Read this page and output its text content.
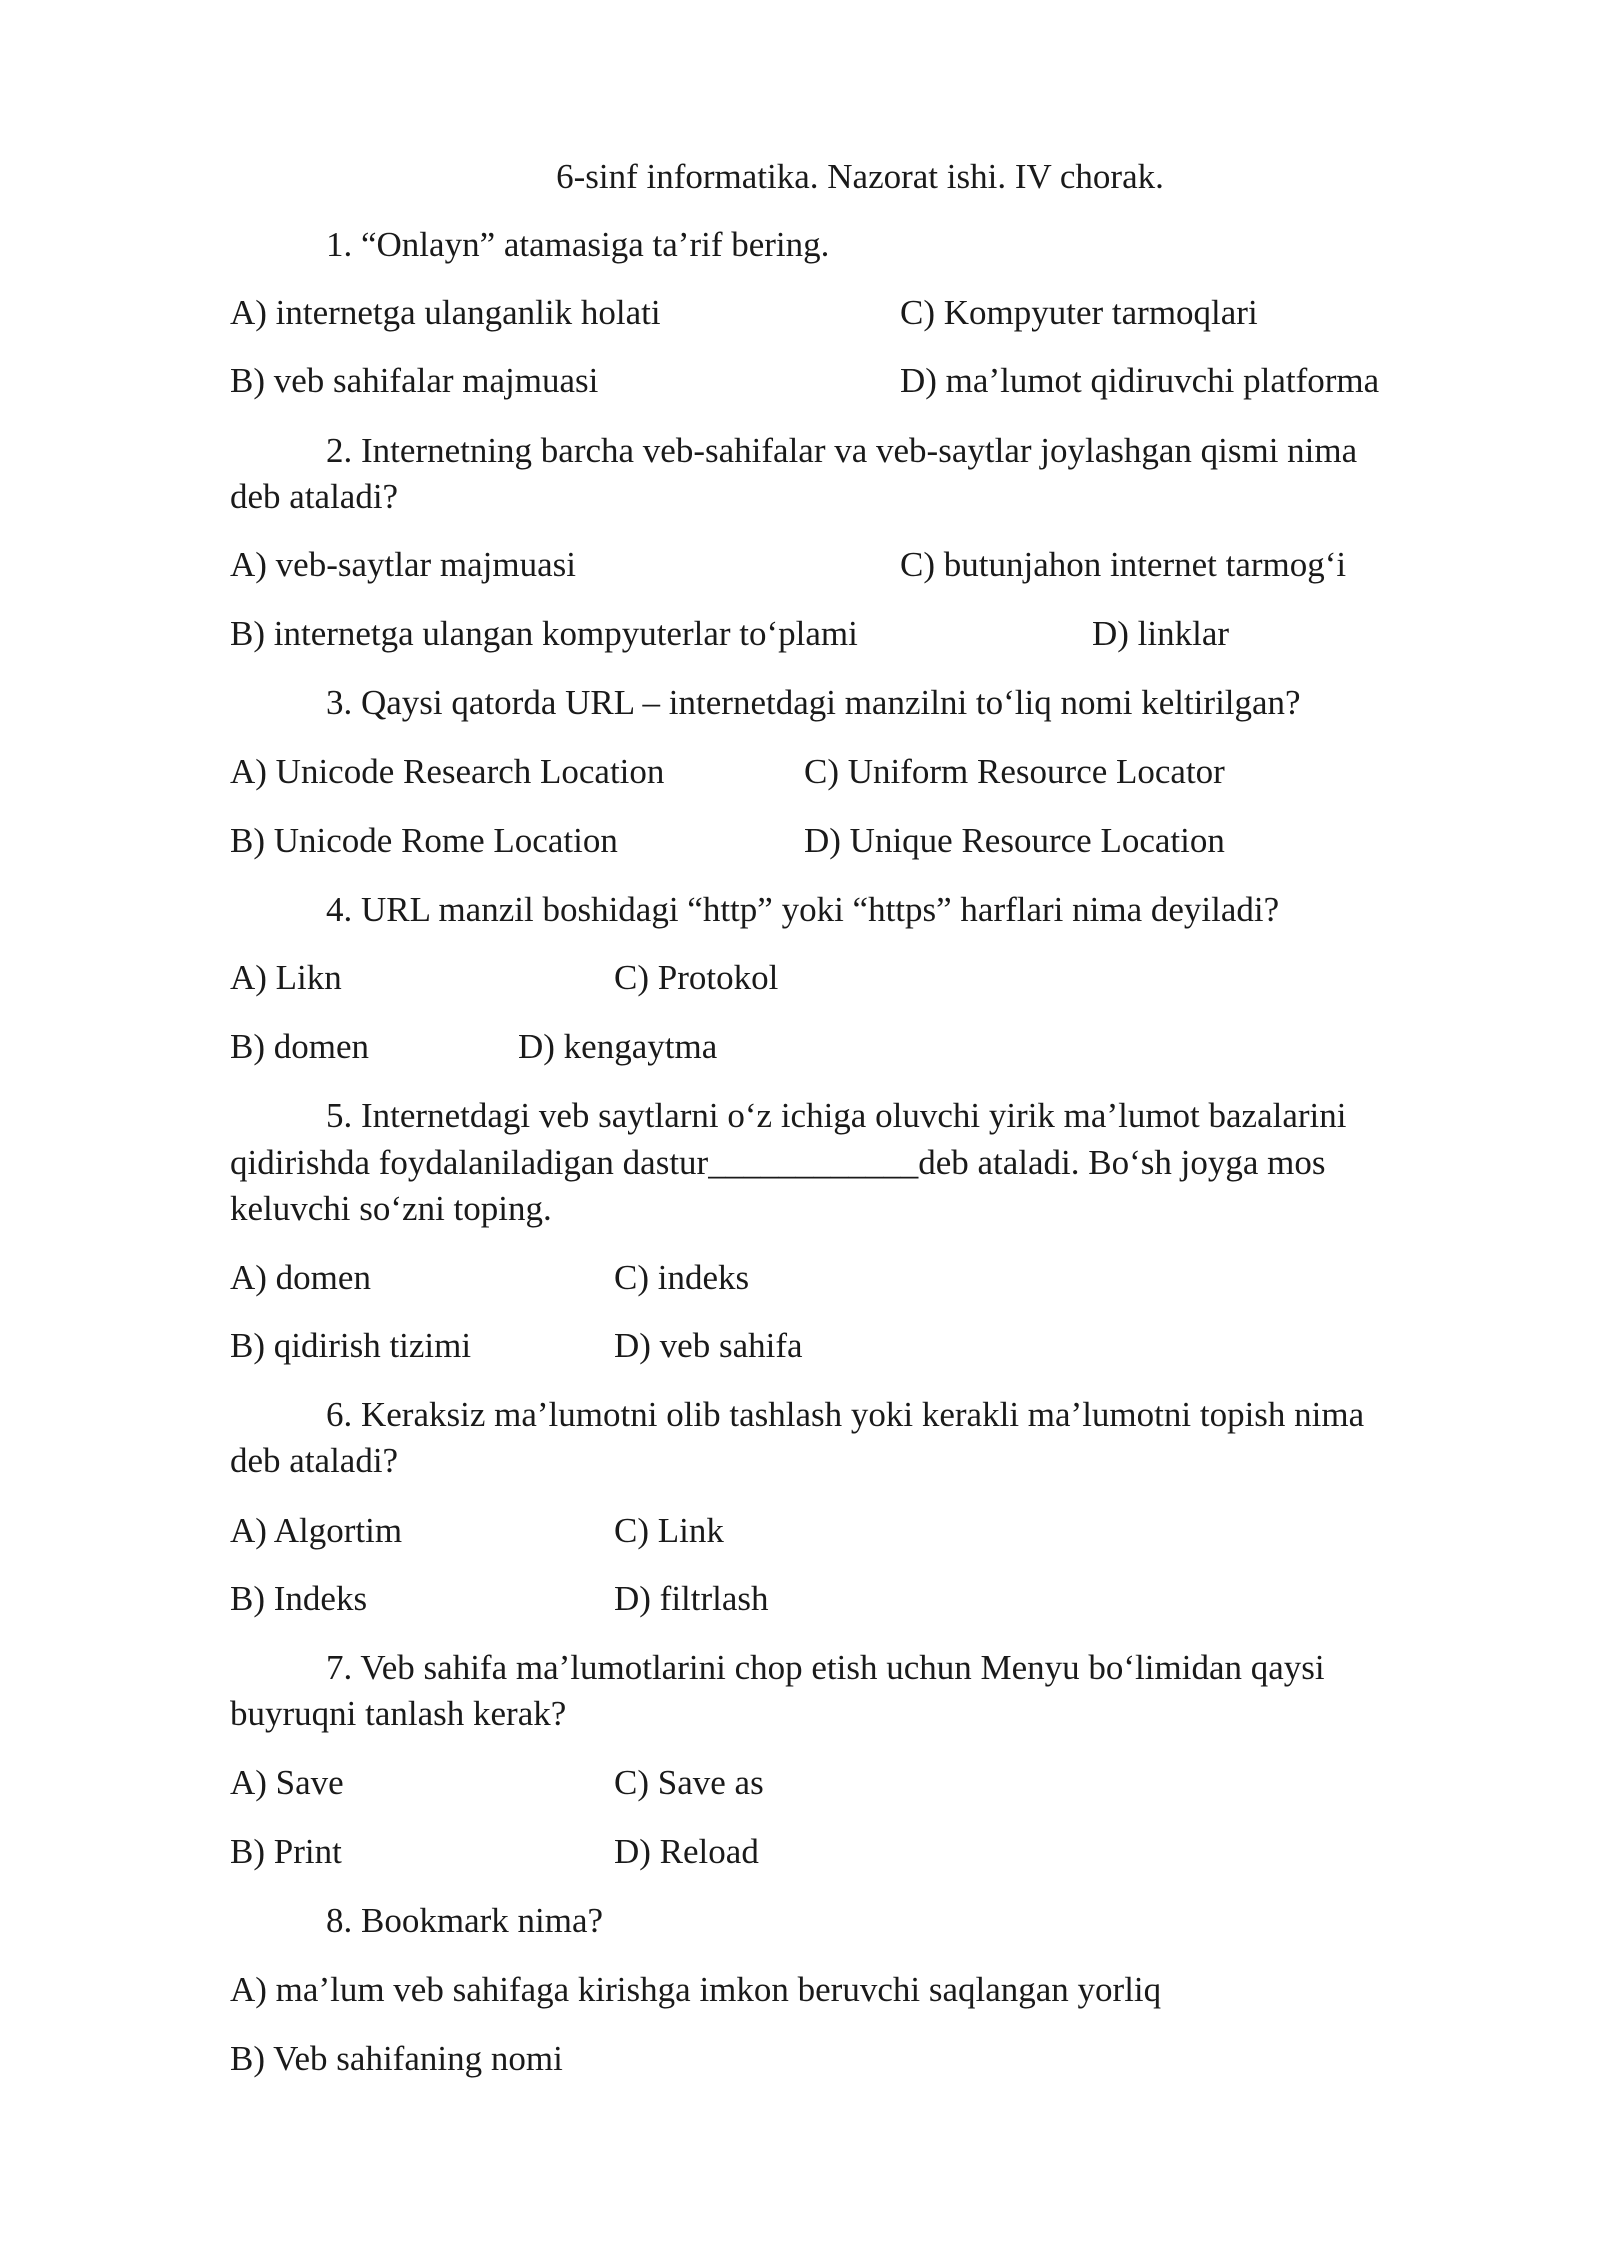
6-sinf informatika. Nazorat ishi. IV chorak.
1. “Onlayn” atamasiga ta’rif bering.
A) internetga ulanganlik holati	C) Kompyuter tarmoqlari
B) veb sahifalar majmuasi	D) ma’lumot qidiruvchi platforma
2. Internetning barcha veb-sahifalar va veb-saytlar joylashgan qismi nima
deb ataladi?
A) veb-saytlar majmuasi	C) butunjahon internet tarmog‘i
B) internetga ulangan kompyuterlar to‘plami	D) linklar
3. Qaysi qatorda URL – internetdagi manzilni to‘liq nomi keltirilgan?
A) Unicode Research Location	C) Uniform Resource Locator
B) Unicode Rome Location	D) Unique Resource Location
4. URL manzil boshidagi “http” yoki “https” harflari nima deyiladi?
A) Likn	C) Protokol
B) domen	D) kengaytma
5. Internetdagi veb saytlarni o‘z ichiga oluvchi yirik ma’lumot bazalarini
qidirishda foydalaniladigan dastur____________deb ataladi. Bo‘sh joyga mos
keluvchi so‘zni toping.
A) domen	C) indeks
B) qidirish tizimi	D) veb sahifa
6. Keraksiz ma’lumotni olib tashlash yoki kerakli ma’lumotni topish nima
deb ataladi?
A) Algortim	C) Link
B) Indeks	D) filtrlash
7. Veb sahifa ma’lumotlarini chop etish uchun Menyu bo‘limidan qaysi
buyruqni tanlash kerak?
A) Save	C) Save as
B) Print	D) Reload
8. Bookmark nima?
A) ma’lum veb sahifaga kirishga imkon beruvchi saqlangan yorliq
B) Veb sahifaning nomi
